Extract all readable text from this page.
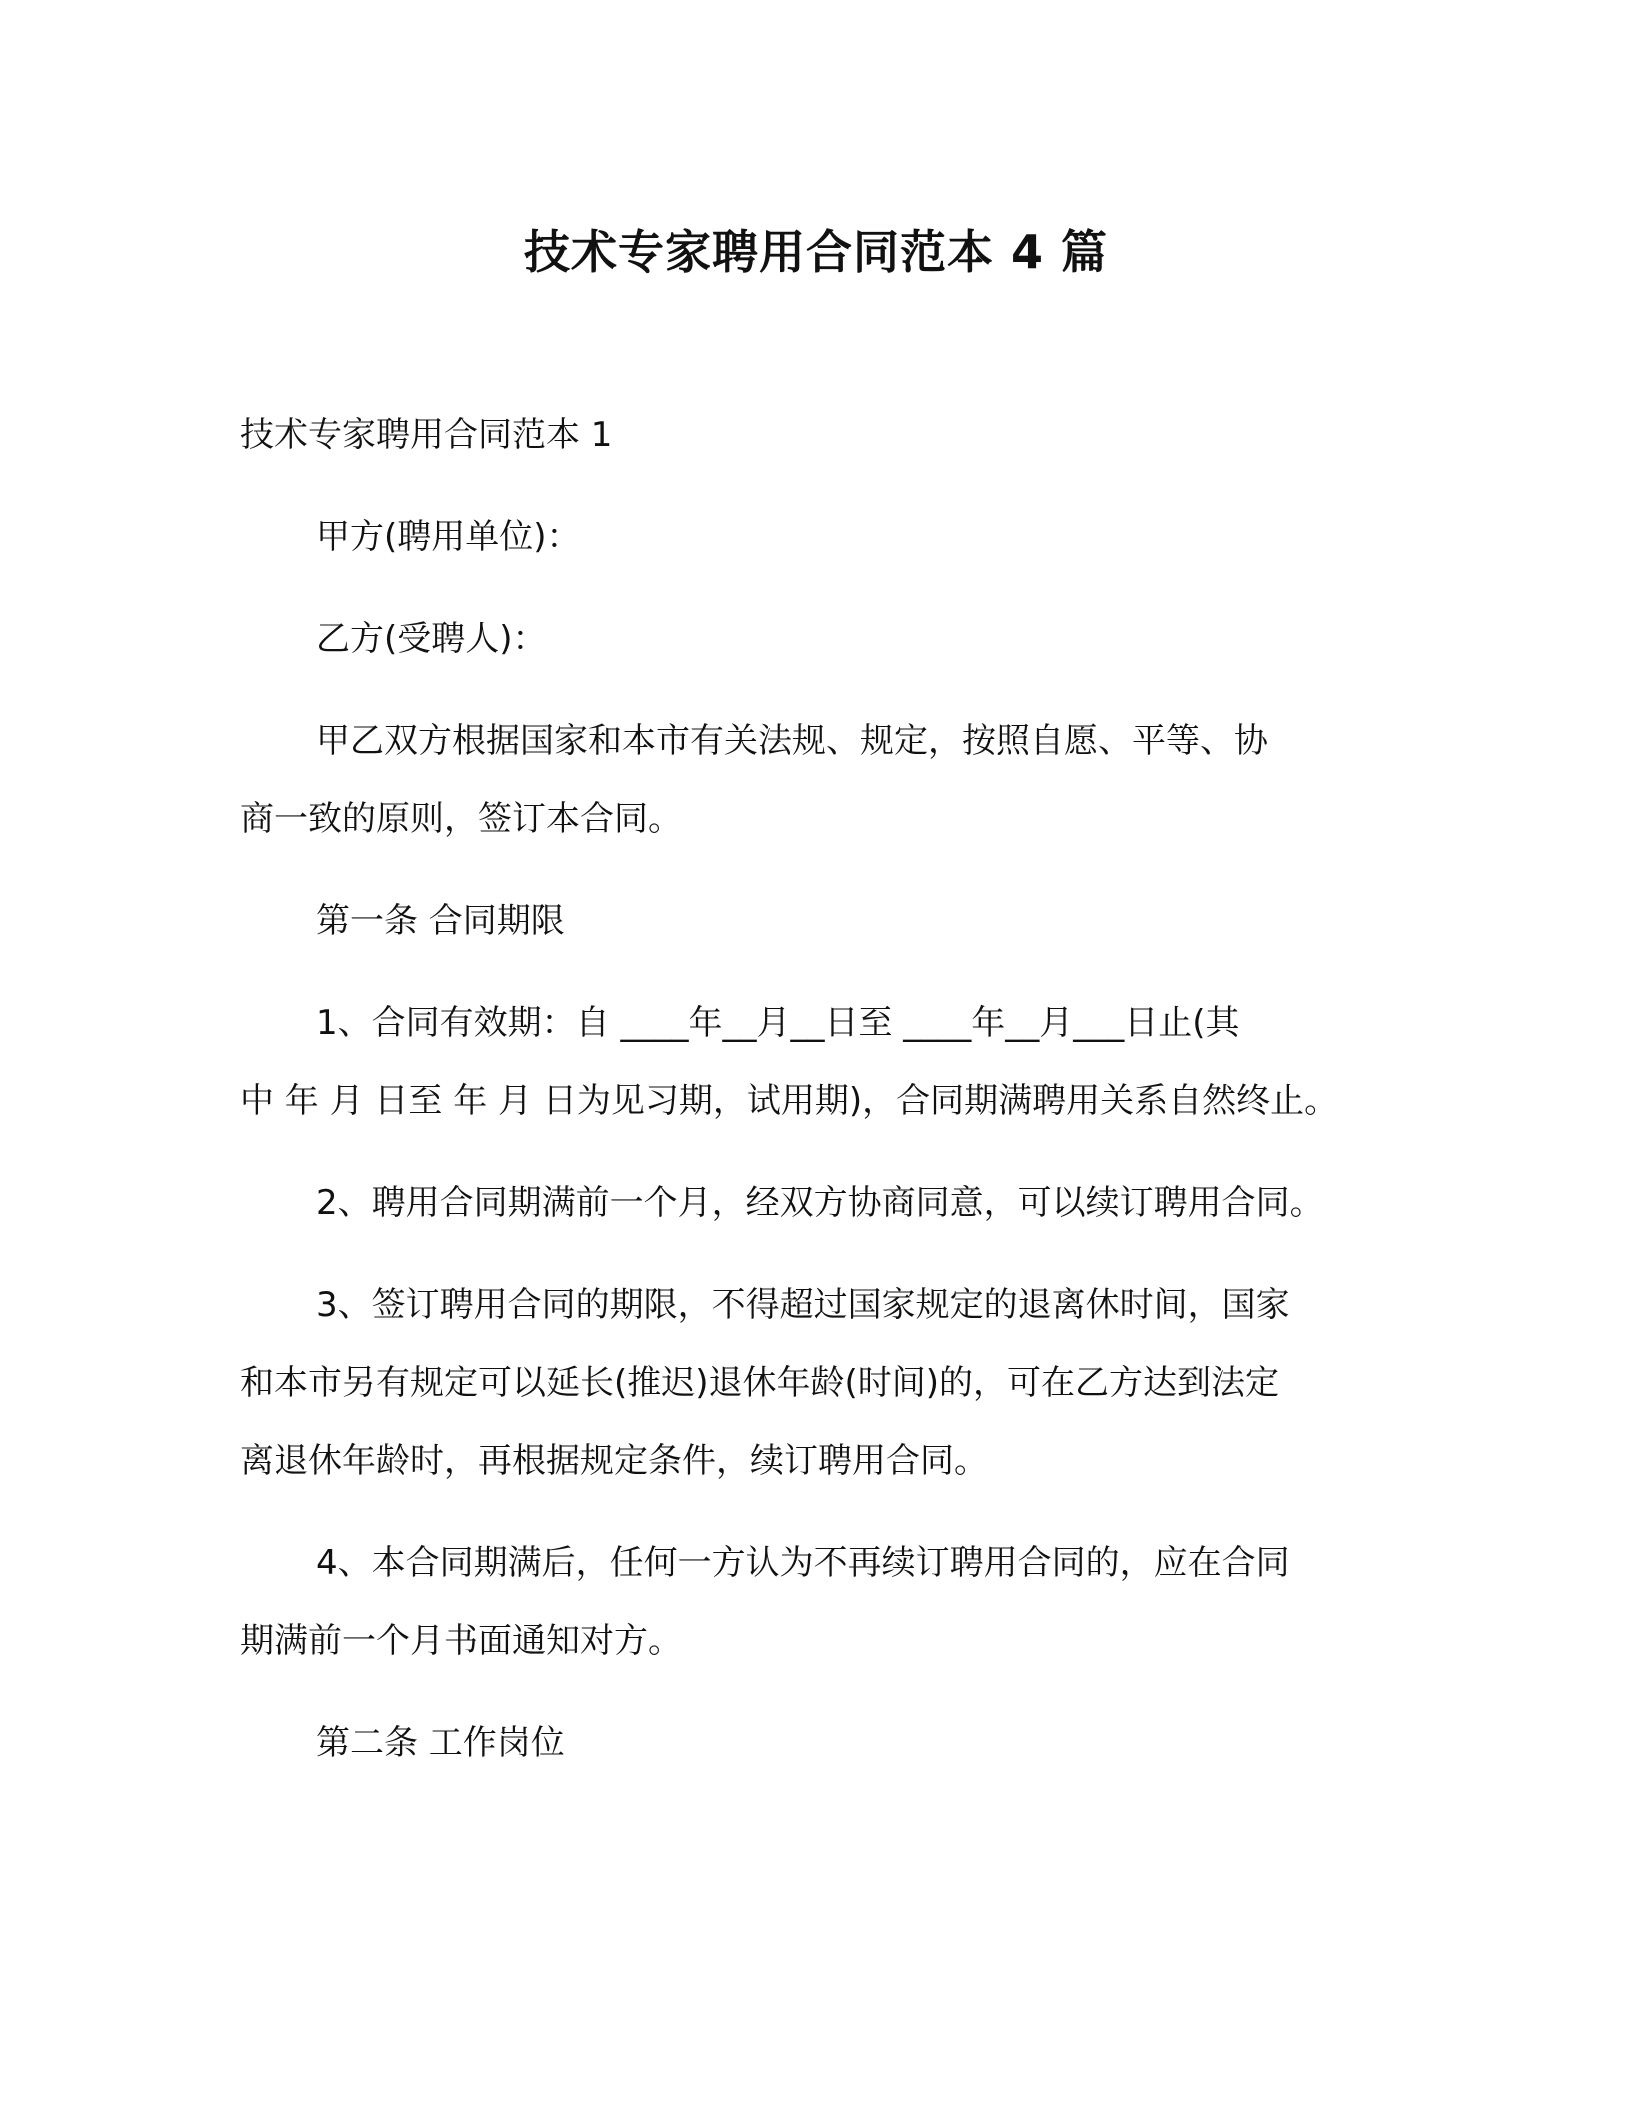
技术专家聘用合同范本 4 篇
技术专家聘用合同范本 1
甲方(聘用单位)：
乙方(受聘人)：
甲乙双方根据国家和本市有关法规、规定，按照自愿、平等、协
商一致的原则，签订本合同。
第一条 合同期限
1、合同有效期：自 ____年__月__日至 ____年__月___日止(其
中 年 月 日至 年 月 日为见习期，试用期)，合同期满聘用关系自然终止。
2、聘用合同期满前一个月，经双方协商同意，可以续订聘用合同。
3、签订聘用合同的期限，不得超过国家规定的退离休时间，国家
和本市另有规定可以延长(推迟)退休年龄(时间)的，可在乙方达到法定
离退休年龄时，再根据规定条件，续订聘用合同。
4、本合同期满后，任何一方认为不再续订聘用合同的，应在合同
期满前一个月书面通知对方。
第二条 工作岗位
